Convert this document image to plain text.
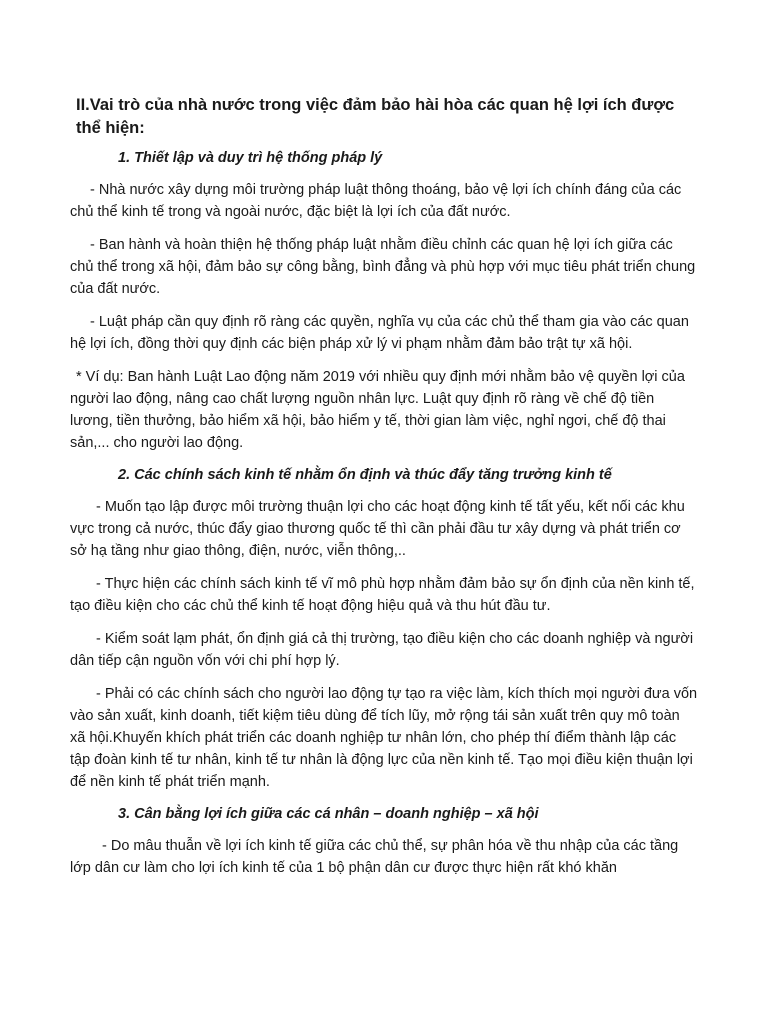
II.Vai trò của nhà nước trong việc đảm bảo hài hòa các quan hệ lợi ích được thể hiện:
1. Thiết lập và duy trì hệ thống pháp lý
- Nhà nước xây dựng môi trường pháp luật thông thoáng, bảo vệ lợi ích chính đáng của các chủ thể kinh tế trong và ngoài nước, đặc biệt là lợi ích của đất nước.
- Ban hành và hoàn thiện hệ thống pháp luật nhằm điều chỉnh các quan hệ lợi ích giữa các chủ thể trong xã hội, đảm bảo sự công bằng, bình đẳng và phù hợp với mục tiêu phát triển chung của đất nước.
- Luật pháp cần quy định rõ ràng các quyền, nghĩa vụ của các chủ thể tham gia vào các quan hệ lợi ích, đồng thời quy định các biện pháp xử lý vi phạm nhằm đảm bảo trật tự xã hội.
* Ví dụ: Ban hành Luật Lao động năm 2019 với nhiều quy định mới nhằm bảo vệ quyền lợi của người lao động, nâng cao chất lượng nguồn nhân lực. Luật quy định rõ ràng về chế độ tiền lương, tiền thưởng, bảo hiểm xã hội, bảo hiểm y tế, thời gian làm việc, nghỉ ngơi, chế độ thai sản,... cho người lao động.
2. Các chính sách kinh tế nhằm ổn định và thúc đẩy tăng trưởng kinh tế
- Muốn tạo lập được môi trường thuận lợi cho các hoạt động kinh tế tất yếu, kết nối các khu vực trong cả nước, thúc đẩy giao thương quốc tế thì cần phải đầu tư xây dựng và phát triển cơ sở hạ tầng như giao thông, điện, nước, viễn thông,..
- Thực hiện các chính sách kinh tế vĩ mô phù hợp nhằm đảm bảo sự ổn định của nền kinh tế, tạo điều kiện cho các chủ thể kinh tế hoạt động hiệu quả và thu hút đầu tư.
- Kiểm soát lạm phát, ổn định giá cả thị trường, tạo điều kiện cho các doanh nghiệp và người dân tiếp cận nguồn vốn với chi phí hợp lý.
- Phải có các chính sách cho người lao động tự tạo ra việc làm, kích thích mọi người đưa vốn vào sản xuất, kinh doanh, tiết kiệm tiêu dùng để tích lũy, mở rộng tái sản xuất trên quy mô toàn xã hội.Khuyến khích phát triển các doanh nghiệp tư nhân lớn, cho phép thí điểm thành lập các tập đoàn kinh tế tư nhân, kinh tế tư nhân là động lực của nền kinh tế. Tạo mọi điều kiện thuận lợi để nền kinh tế phát triển mạnh.
3. Cân bằng lợi ích giữa các cá nhân – doanh nghiệp – xã hội
- Do mâu thuẫn về lợi ích kinh tế giữa các chủ thể, sự phân hóa về thu nhập của các tầng lớp dân cư làm cho lợi ích kinh tế của 1 bộ phận dân cư được thực hiện rất khó khăn
